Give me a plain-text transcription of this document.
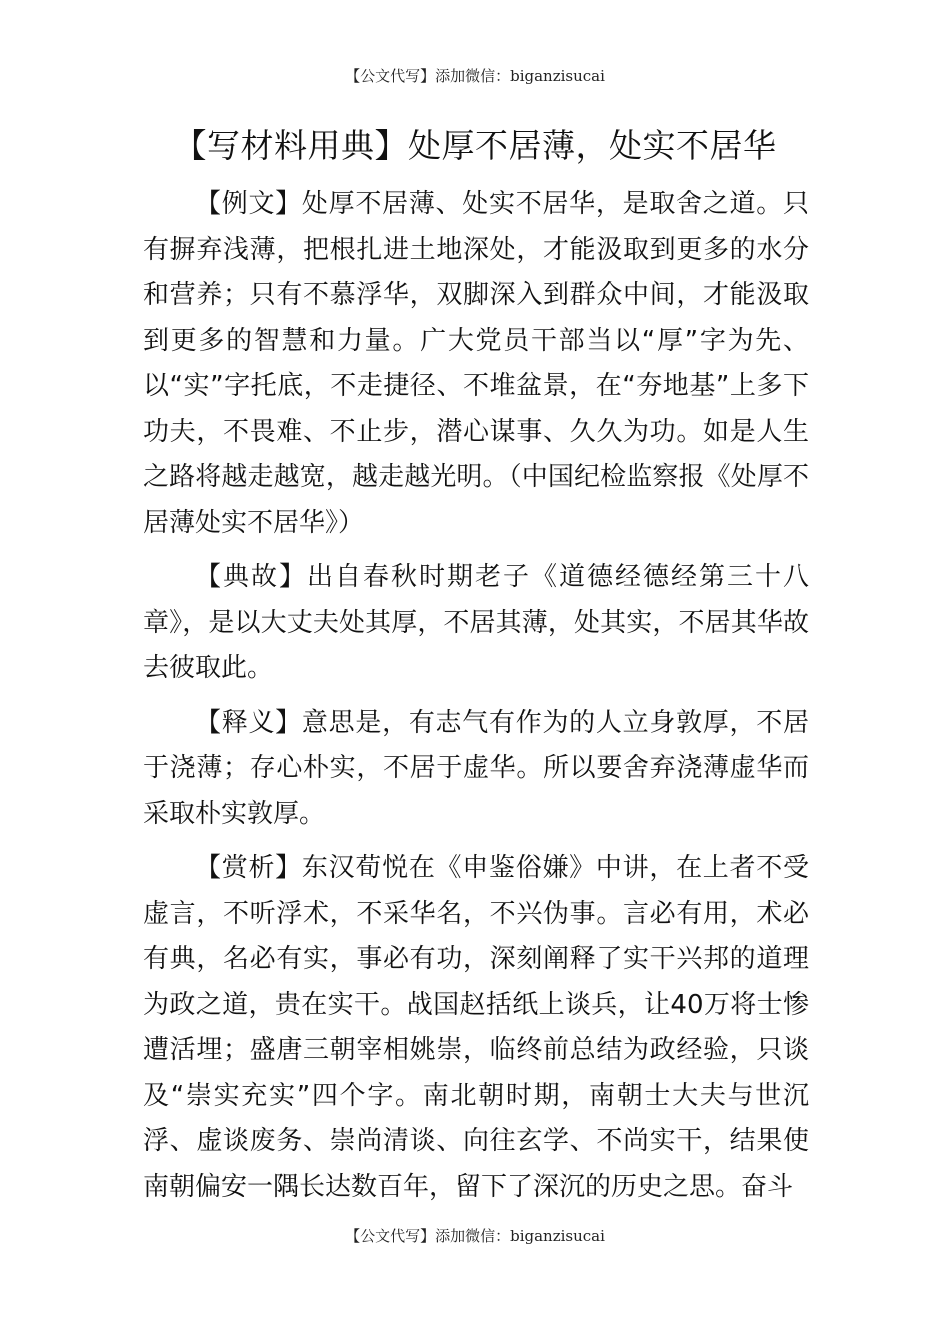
【公文代写】添加微信：biganzisucai
【写材料用典】处厚不居薄，处实不居华

【例文】处厚不居薄、处实不居华，是取舍之道。只有摒弃浅薄，把根扎进土地深处，才能汲取到更多的水分和营养；只有不慕浮华，双脚深入到群众中间，才能汲取到更多的智慧和力量。广大党员干部当以“厚”字为先、以“实”字托底，不走捷径、不堆盆景，在“夯地基”上多下功夫，不畏难、不止步，潜心谋事、久久为功。如是人生之路将越走越宽，越走越光明。（中国纪检监察报《处厚不居薄处实不居华》）

【典故】出自春秋时期老子《道德经德经第三十八章》，是以大丈夫处其厚，不居其薄，处其实，不居其华故去彼取此。

【释义】意思是，有志气有作为的人立身敦厚，不居于浇薄；存心朴实，不居于虚华。所以要舍弃浇薄虚华而采取朴实敦厚。

【赏析】东汉荀悦在《申鉴俗嫌》中讲，在上者不受虚言，不听浮术，不采华名，不兴伪事。言必有用，术必有典，名必有实，事必有功，深刻阐释了实干兴邦的道理为政之道，贵在实干。战国赵括纸上谈兵，让40万将士惨遭活埋；盛唐三朝宰相姚崇，临终前总结为政经验，只谈及“崇实充实”四个字。南北朝时期，南朝士大夫与世沉浮、虚谈废务、崇尚清谈、向往玄学、不尚实干，结果使南朝偏安一隅长达数百年，留下了深沉的历史之思。奋斗

【公文代写】添加微信：biganzisucai
